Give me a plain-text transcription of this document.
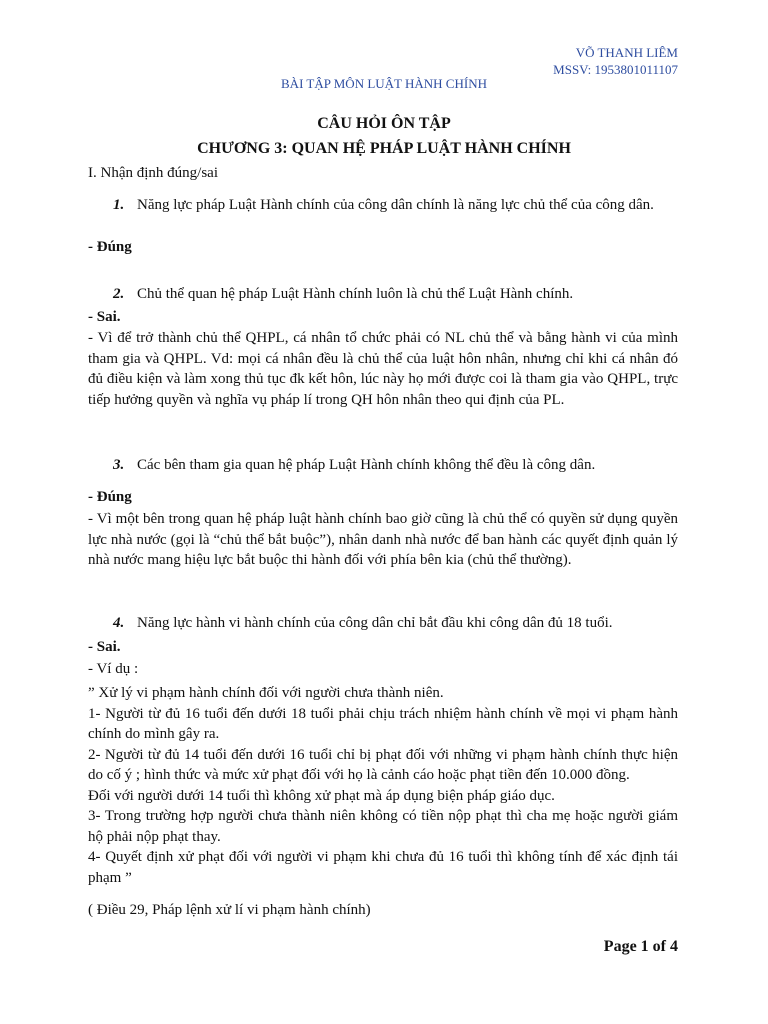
VÕ THANH LIÊM
MSSV: 1953801011107
BÀI TẬP MÔN LUẬT HÀNH CHÍNH
CÂU HỎI ÔN TẬP
CHƯƠNG 3: QUAN HỆ PHÁP LUẬT HÀNH CHÍNH
I. Nhận định đúng/sai
1. Năng lực pháp Luật Hành chính của công dân chính là năng lực chủ thể của công dân.
- Đúng
2. Chủ thể quan hệ pháp Luật Hành chính luôn là chủ thể Luật Hành chính.
- Sai.
- Vì để trở thành chủ thể QHPL, cá nhân tổ chức phải có NL chủ thể và bằng hành vi của mình tham gia và QHPL. Vd: mọi cá nhân đều là chủ thể của luật hôn nhân, nhưng chỉ khi cá nhân đó đủ điều kiện và làm xong thủ tục đk kết hôn, lúc này họ mới được coi là tham gia vào QHPL, trực tiếp hưởng quyền và nghĩa vụ pháp lí trong QH hôn nhân theo qui định của PL.
3. Các bên tham gia quan hệ pháp Luật Hành chính không thể đều là công dân.
- Đúng
- Vì một bên trong quan hệ pháp luật hành chính bao giờ cũng là chủ thể có quyền sử dụng quyền lực nhà nước (gọi là “chủ thể bắt buộc”), nhân danh nhà nước để ban hành các quyết định quản lý nhà nước mang hiệu lực bắt buộc thi hành đối với phía bên kia (chủ thể thường).
4. Năng lực hành vi hành chính của công dân chỉ bắt đầu khi công dân đủ 18 tuổi.
- Sai.
- Ví dụ :
” Xử lý vi phạm hành chính đối với người chưa thành niên.
1- Người từ đủ 16 tuổi đến dưới 18 tuổi phải chịu trách nhiệm hành chính về mọi vi phạm hành chính do mình gây ra.
2- Người từ đủ 14 tuổi đến dưới 16 tuổi chỉ bị phạt đối với những vi phạm hành chính thực hiện do cố ý ; hình thức và mức xử phạt đối với họ là cảnh cáo hoặc phạt tiền đến 10.000 đồng.
Đối với người dưới 14 tuổi thì không xử phạt mà áp dụng biện pháp giáo dục.
3- Trong trường hợp người chưa thành niên không có tiền nộp phạt thì cha mẹ hoặc người giám hộ phải nộp phạt thay.
4- Quyết định xử phạt đối với người vi phạm khi chưa đủ 16 tuổi thì không tính để xác định tái phạm ”
( Điều 29, Pháp lệnh xử lí vi phạm hành chính)
Page 1 of 4
